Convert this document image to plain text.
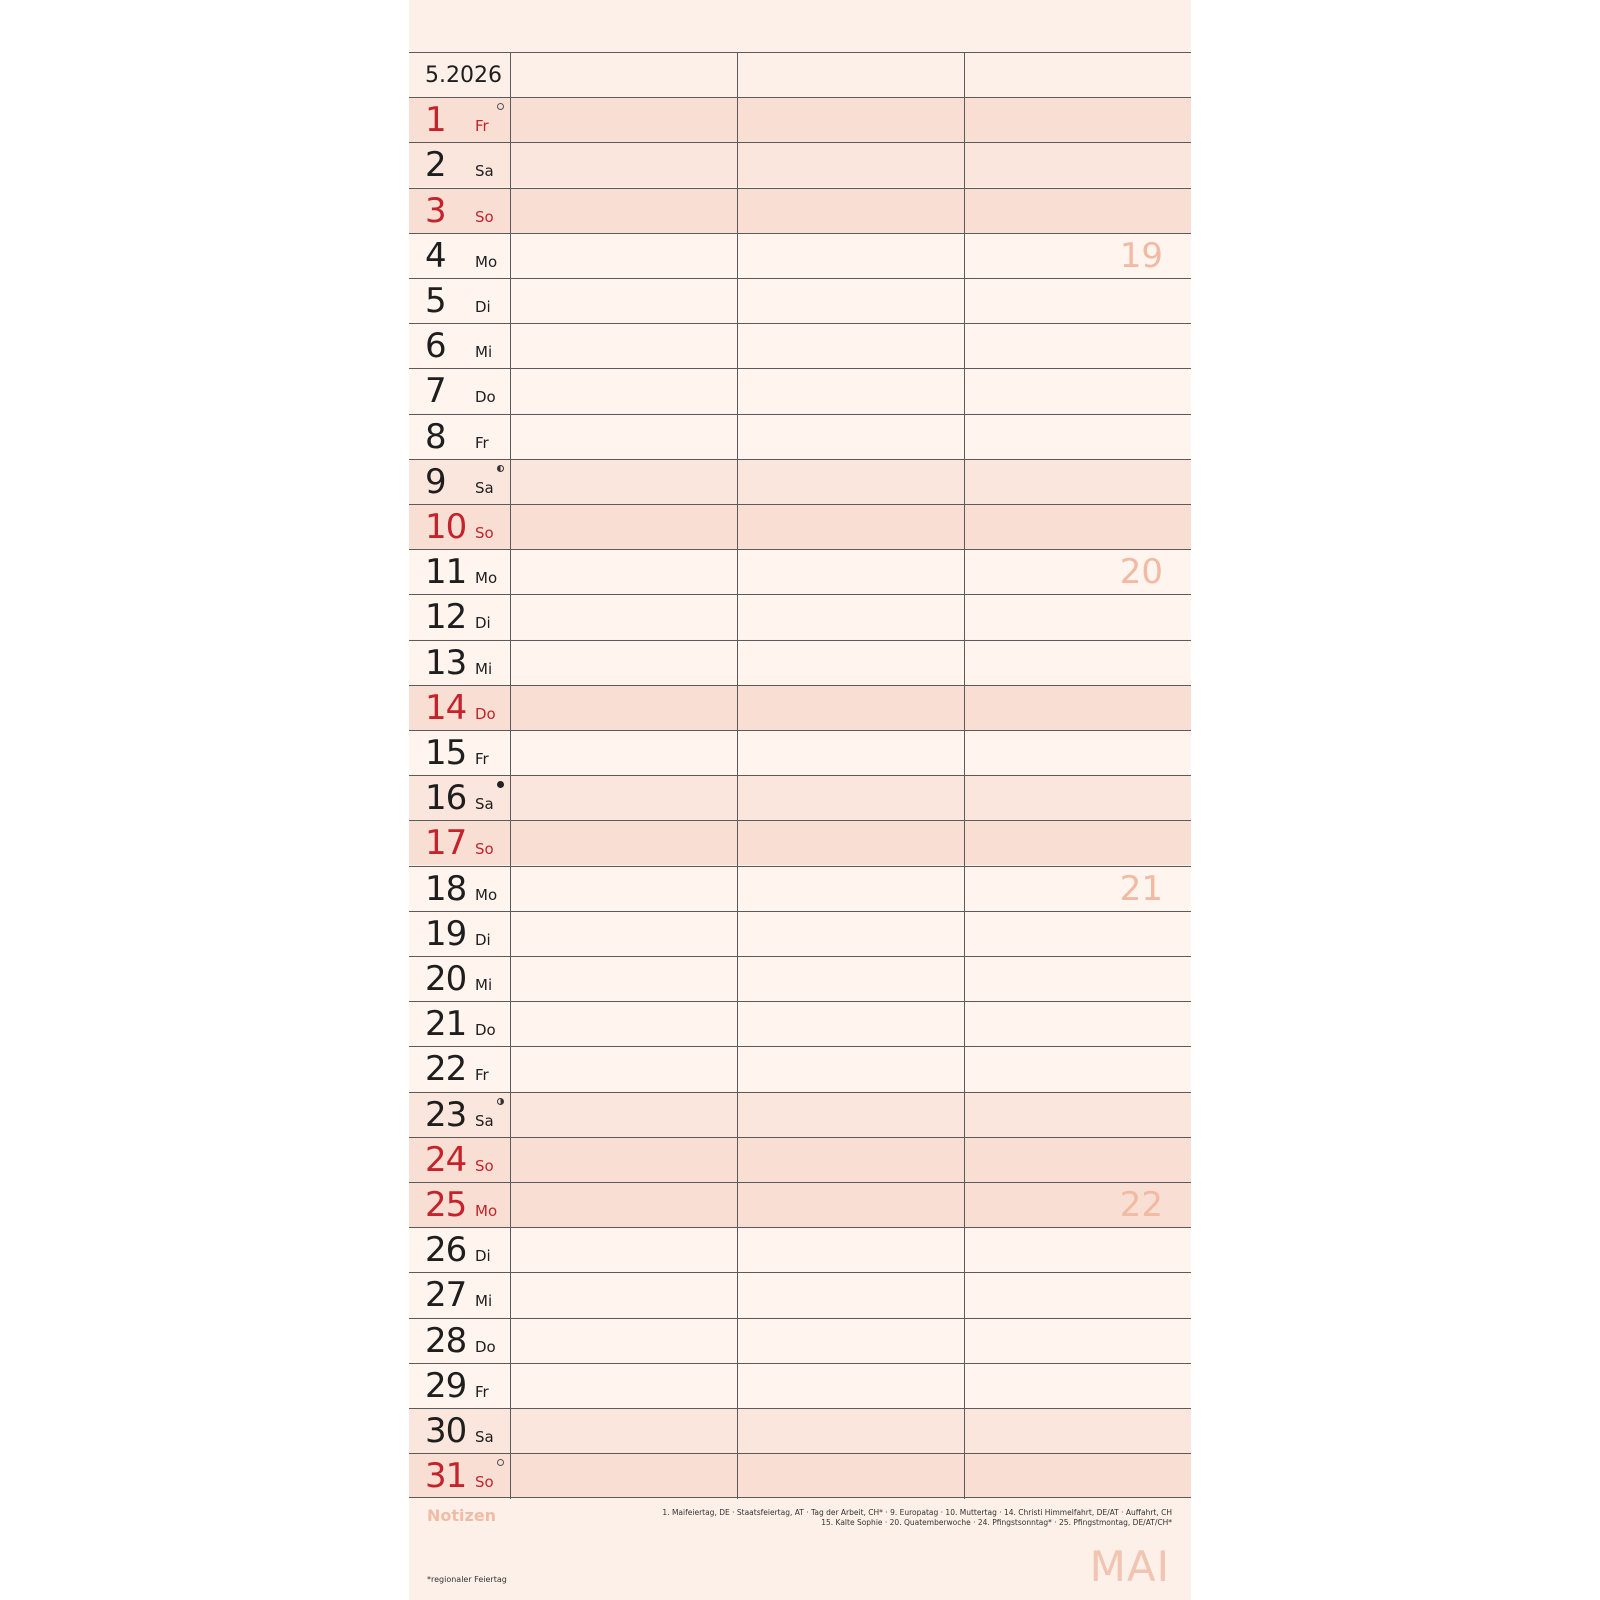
5.2026
1 Fr
2 Sa
3 So
4 Mo	19
5 Di
6 Mi
7 Do
8 Fr
9 Sa
10 So
11 Mo	20
12 Di
13 Mi
14 Do
15 Fr
16 Sa
17 So
18 Mo	21
19 Di
20 Mi
21 Do
22 Fr
23 Sa
24 So
25 Mo	22
26 Di
27 Mi
28 Do
29 Fr
30 Sa
31 So
Notizen	1. Maifeiertag, DE · Staatsfeiertag, AT · Tag der Arbeit, CH* · 9. Europatag · 10. Muttertag · 14. Christi Himmelfahrt, DE/AT · Auffahrt, CH
15. Kalte Sophie · 20. Quatemberwoche · 24. Pfingstsonntag* · 25. Pfingstmontag, DE/AT/CH*
*regionaler Feiertag	MAI
